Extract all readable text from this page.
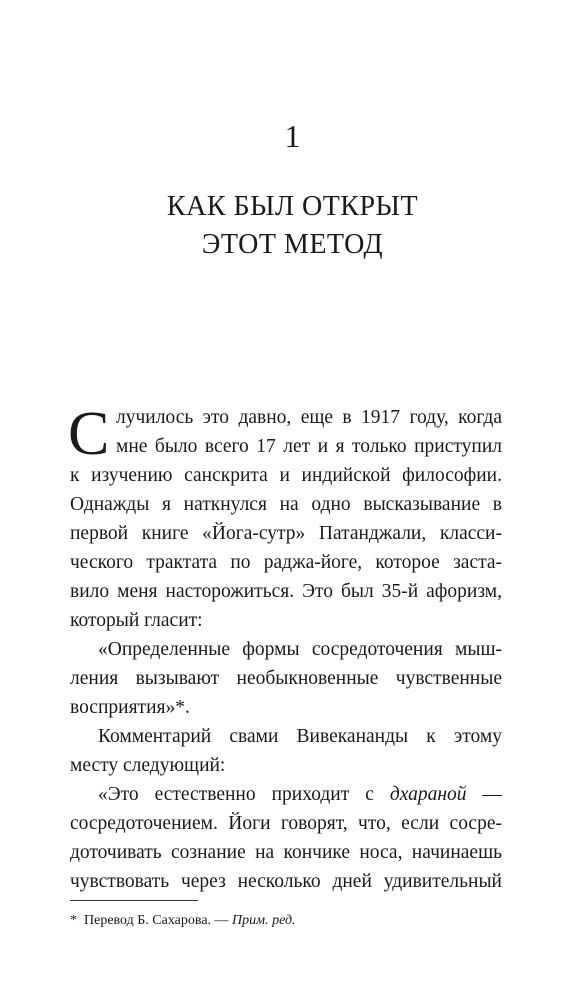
1
КАК БЫЛ ОТКРЫТ
ЭТОТ МЕТОД
С лучилось это давно, еще в 1917 году, когда
мне было всего 17 лет и я только приступил
к изучению санскрита и индийской философии.
Однажды я наткнулся на одно высказывание в
первой книге «Йога-сутр» Патанджали, класси-
ческого трактата по раджа-йоге, которое заста-
вило меня насторожиться. Это был 35-й афоризм,
который гласит:
«Определенные формы сосредоточения мыш-
ления вызывают необыкновенные чувственные
восприятия»*.
Комментарий свами Вивекананды к этому
месту следующий:
«Это естественно приходит с дхараной —
сосредоточением. Йоги говорят, что, если сосре-
доточивать сознание на кончике носа, начинаешь
чувствовать через несколько дней удивительный
* Перевод Б. Сахарова. — Прим. ред.
